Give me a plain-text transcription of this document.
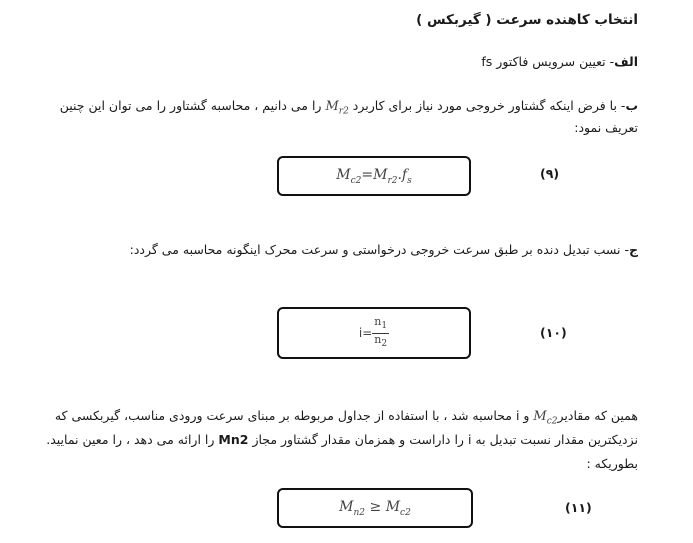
انتخاب کاهنده سرعت ( گیربکس )
الف- تعیین سرویس فاکتور fs
ب- با فرض اینکه گشتاور خروجی مورد نیاز برای کاربرد $M_{r2}$ را می دانیم ، محاسبه گشتاور را می توان این چنین
تعریف نمود:
$M_{c2}=M_{r2}.f_s$	(۹)
ج- نسب تبدیل دنده بر طبق سرعت خروجی درخواستی و سرعت محرک اینگونه محاسبه می گردد:
$i= \frac{n_1}{n_2}$	(۱۰)
همین که مقادیرM$_{c2}$ و i محاسبه شد ، با استفاده از جداول مربوطه بر مبنای سرعت ورودی مناسب، گیربکسی که
نزدیکترین مقدار نسبت تبدیل به i را داراست و همزمان مقدار گشتاور مجاز Mn2 را ارائه می دهد ، را معین نمایید.
بطوریکه :
$M_{n2} \ge M_{c2}$	(۱۱)
